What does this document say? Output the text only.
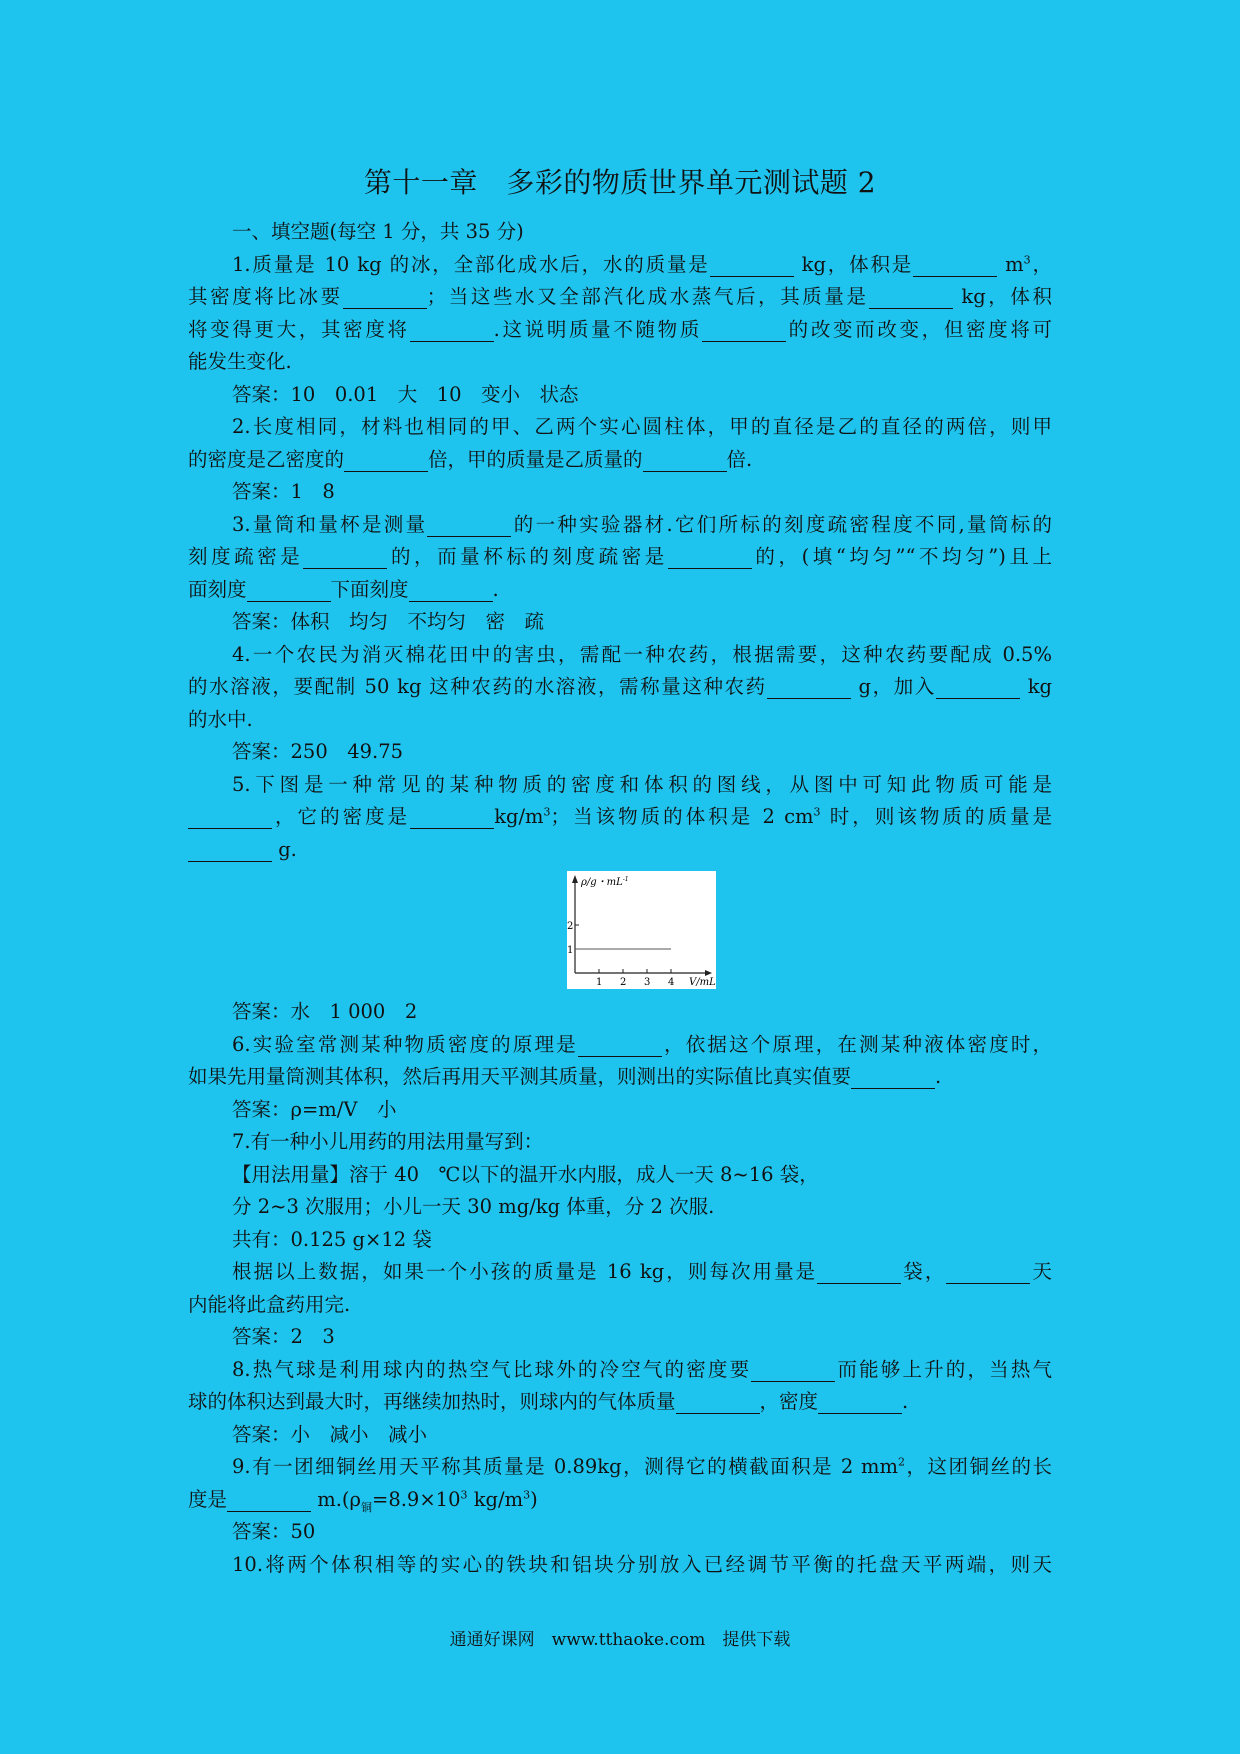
第十一章　多彩的物质世界单元测试题 2
一、填空题(每空 1 分，共 35 分)
1.质量是 10 kg 的冰，全部化成水后，水的质量是	kg，体积是	$m^3$，
其密度将比冰要	；当这些水又全部汽化成水蒸气后，其质量是	kg，体积
将变得更大，其密度将	.这说明质量不随物质	的改变而改变，但密度将可
能发生变化.
答案：10　0.01　大　10　变小　状态
2.长度相同，材料也相同的甲、乙两个实心圆柱体，甲的直径是乙的直径的两倍，则甲
的密度是乙密度的	倍，甲的质量是乙质量的	倍.
答案：1　8
3.量筒和量杯是测量	的一种实验器材.它们所标的刻度疏密程度不同,量筒标的
刻度疏密是	的，而量杯标的刻度疏密是	的，(填“均匀”“不均匀”)且上
面刻度	下面刻度	.
答案：体积　均匀　不均匀　密　疏
4.一个农民为消灭棉花田中的害虫，需配一种农药，根据需要，这种农药要配成 0.5%
的水溶液，要配制 50 kg 这种农药的水溶液，需称量这种农药	g，加入	kg
的水中.
答案：250　49.75
5.下图是一种常见的某种物质的密度和体积的图线，从图中可知此物质可能是
，它的密度是	$kg/m^3$；当该物质的体积是 2 $cm^3$ 时，则该物质的质量是
g.
ρ/g・$mL^{-1}$
V/mL
1 2 3 4
1
2
答案：水　1 000　2
6.实验室常测某种物质密度的原理是	，依据这个原理，在测某种液体密度时，
如果先用量筒测其体积，然后再用天平测其质量，则测出的实际值比真实值要	.
答案：ρ=m/V　小
7.有一种小儿用药的用法用量写到：
【用法用量】溶于 40　℃以下的温开水内服，成人一天 8~16 袋，
分 2~3 次服用；小儿一天 30 mg/kg 体重，分 2 次服.
共有：0.125 g×12 袋
根据以上数据，如果一个小孩的质量是 16 kg，则每次用量是	袋，	天
内能将此盒药用完.
答案：2　3
8.热气球是利用球内的热空气比球外的冷空气的密度要	而能够上升的，当热气
球的体积达到最大时，再继续加热时，则球内的气体质量	，密度	.
答案：小　减小　减小
9.有一团细铜丝用天平称其质量是 0.89kg，测得它的横截面积是 2 $mm^2$，这团铜丝的长
度是	$m.(\rho_铜=8.9\times 10^3$ $kg/m^3$)
答案：50
10.将两个体积相等的实心的铁块和铝块分别放入已经调节平衡的托盘天平两端，则天
通通好课网　www.tthaoke.com　提供下载
